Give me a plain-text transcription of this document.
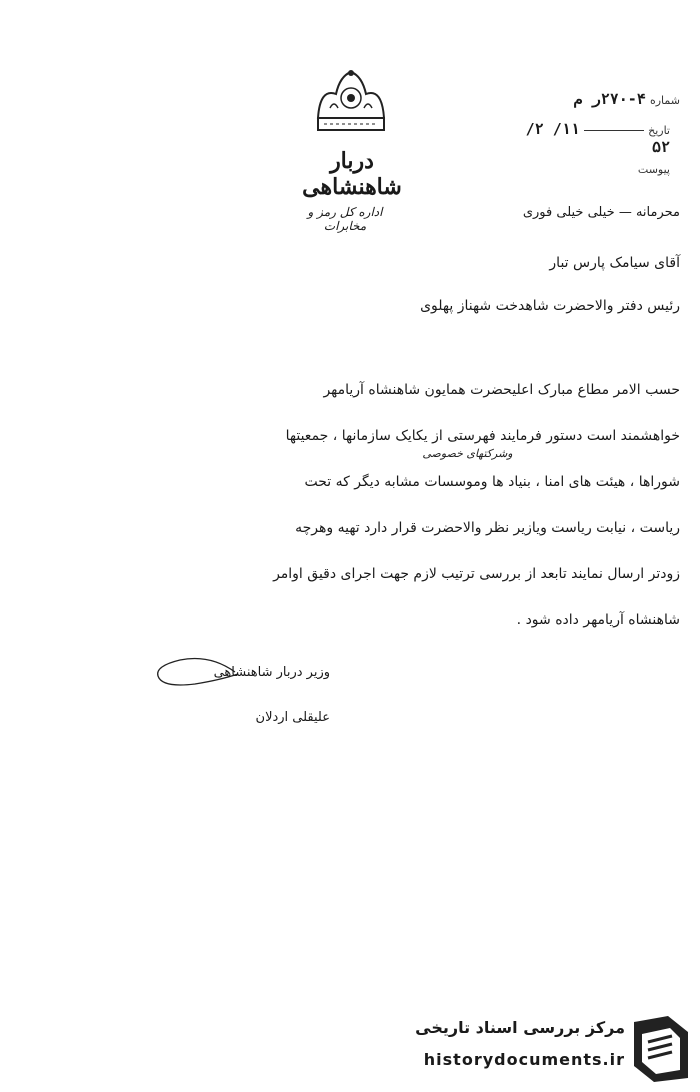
دربار شاهنشاهی
اداره کل رمز و مخابرات
شماره ۴-۲۷۰ر م
تاریخ  ۱۱/ ۲/ ۵۲
پیوست
محرمانه — خیلی خیلی فوری
آقای سیامک پارس تبار
رئیس دفتر والاحضرت شاهدخت شهناز پهلوی
حسب الامر مطاع مبارک اعلیحضرت همایون شاهنشاه آریامهر
خواهشمند است دستور فرمایند فهرستی از یکایک سازمانها ، جمعیتها
شوراها ، هیئت های امنا ، بنیاد ها وموسسات مشابه دیگر که تحت
ریاست ، نیابت ریاست ویازیر نظر والاحضرت قرار دارد تهیه وهرچه
زودتر ارسال نمایند تابعد از بررسی ترتیب لازم جهت اجرای دقیق اوامر
شاهنشاه آریامهر داده شود .
وشرکتهای خصوصی
وزیر دربار شاهنشاهی
علیقلی اردلان
مرکز بررسی اسناد تاریخی
historydocuments.ir
